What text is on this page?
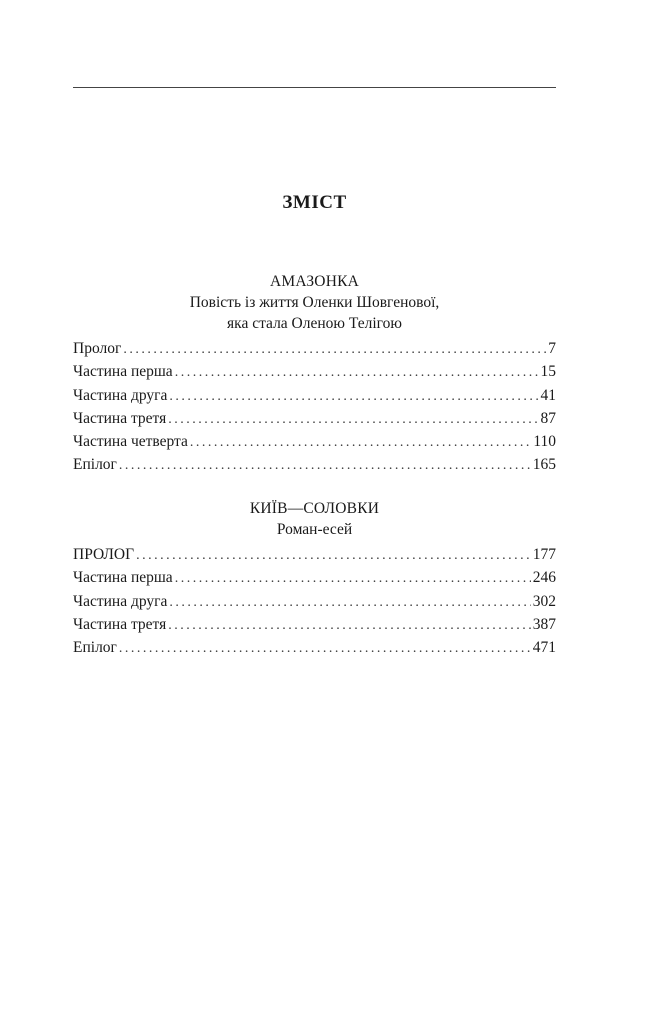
ЗМІСТ
АМАЗОНКА
Повість із життя Оленки Шовгенової,
яка стала Оленою Телігою
Пролог . . .	7
Частина перша . . .	15
Частина друга . . .	41
Частина третя . . .	87
Частина четверта . . .	110
Епілог . . .	165
КИЇВ—СОЛОВКИ
Роман-есей
ПРОЛОГ . . .	177
Частина перша . . .	246
Частина друга . . .	302
Частина третя . . .	387
Епілог . . .	471
